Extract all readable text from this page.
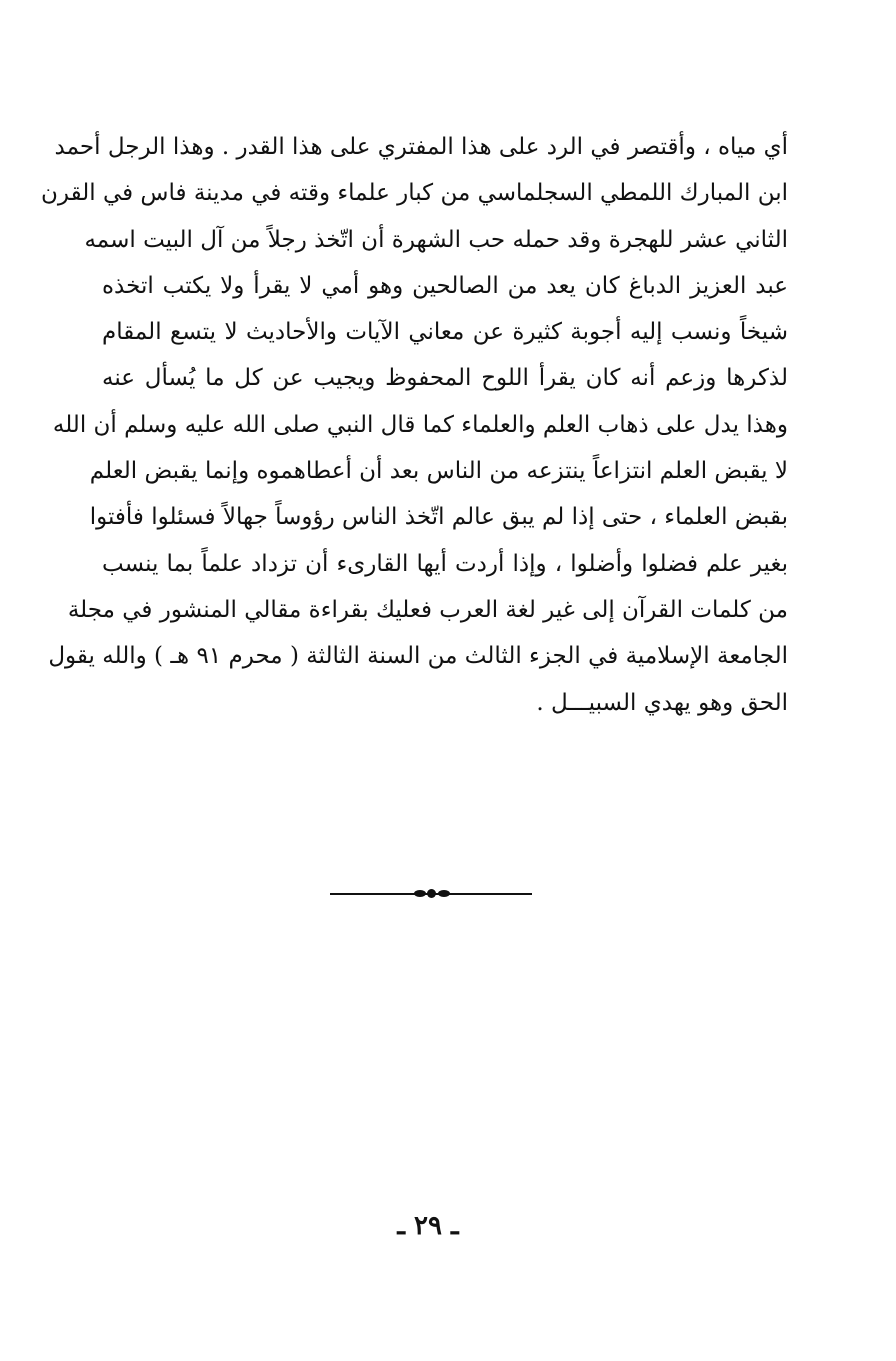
أي مياه ، وأقتصر في الرد على هذا المفتري على هذا القدر . وهذا الرجل أحمد
ابن المبارك اللمطي السجلماسي من كبار علماء وقته في مدينة فاس في القرن
الثاني عشر للهجرة وقد حمله حب الشهرة أن اتّخذ رجلاً من آل البيت اسمه
عبد العزيز الدباغ كان يعد من الصالحين وهو أمي لا يقرأ ولا يكتب اتخذه
شيخاً ونسب إليه أجوبة كثيرة عن معاني الآيات والأحاديث لا يتسع المقام
لذكرها وزعم أنه كان يقرأ اللوح المحفوظ ويجيب عن كل ما يُسأل عنه
وهذا يدل على ذهاب العلم والعلماء كما قال النبي صلى الله عليه وسلم أن الله
لا يقبض العلم انتزاعاً ينتزعه من الناس بعد أن أعطاهموه وإنما يقبض العلم
بقبض العلماء ، حتى إذا لم يبق عالم اتّخذ الناس رؤوساً جهالاً فسئلوا فأفتوا
بغير علم فضلوا وأضلوا ، وإذا أردت أيها القارىء أن تزداد علماً بما ينسب
من كلمات القرآن إلى غير لغة العرب فعليك بقراءة مقالي المنشور في مجلة
الجامعة الإسلامية في الجزء الثالث من السنة الثالثة ( محرم ٩١ هـ ) والله يقول
الحق وهو يهدي السبيـــل .
ـ ٢٩ ـ
